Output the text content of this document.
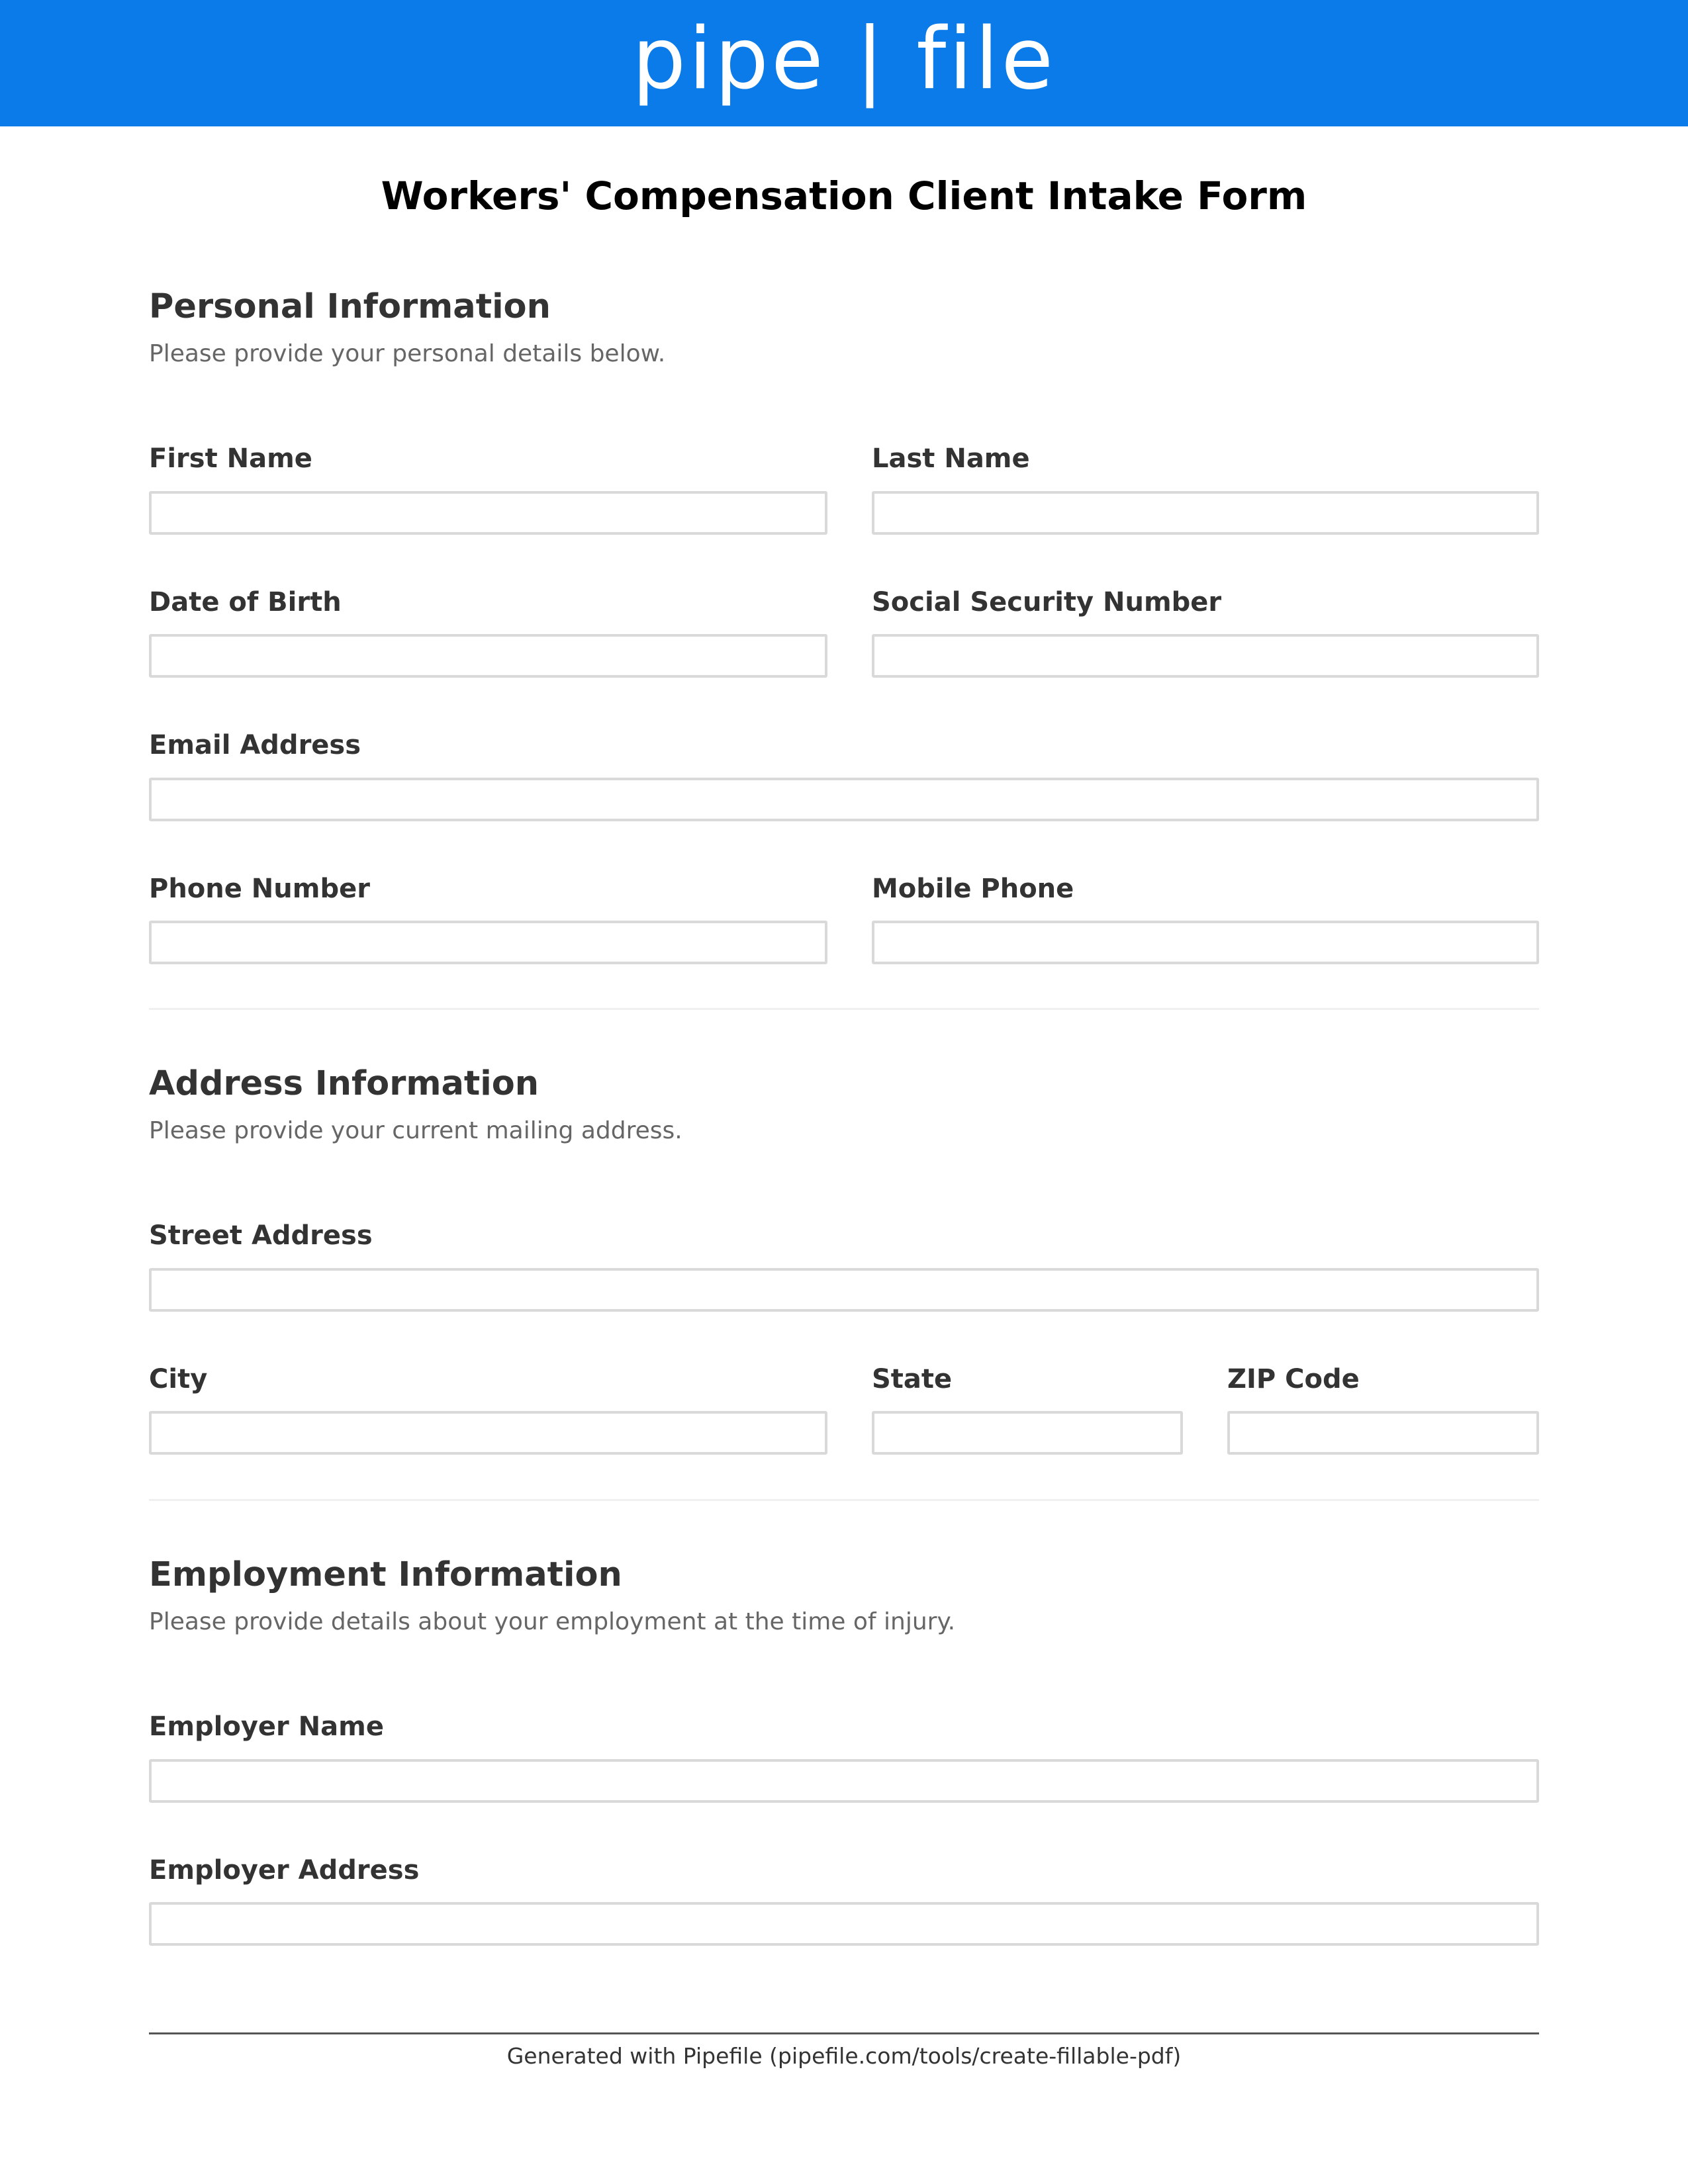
pipe | file
Workers' Compensation Client Intake Form
Personal Information
Please provide your personal details below.
First Name	Last Name
Date of Birth	Social Security Number
Email Address
Phone Number	Mobile Phone
Address Information
Please provide your current mailing address.
Street Address
City	State	ZIP Code
Employment Information
Please provide details about your employment at the time of injury.
Employer Name
Employer Address
Generated with Pipefile (pipefile.com/tools/create-fillable-pdf)
